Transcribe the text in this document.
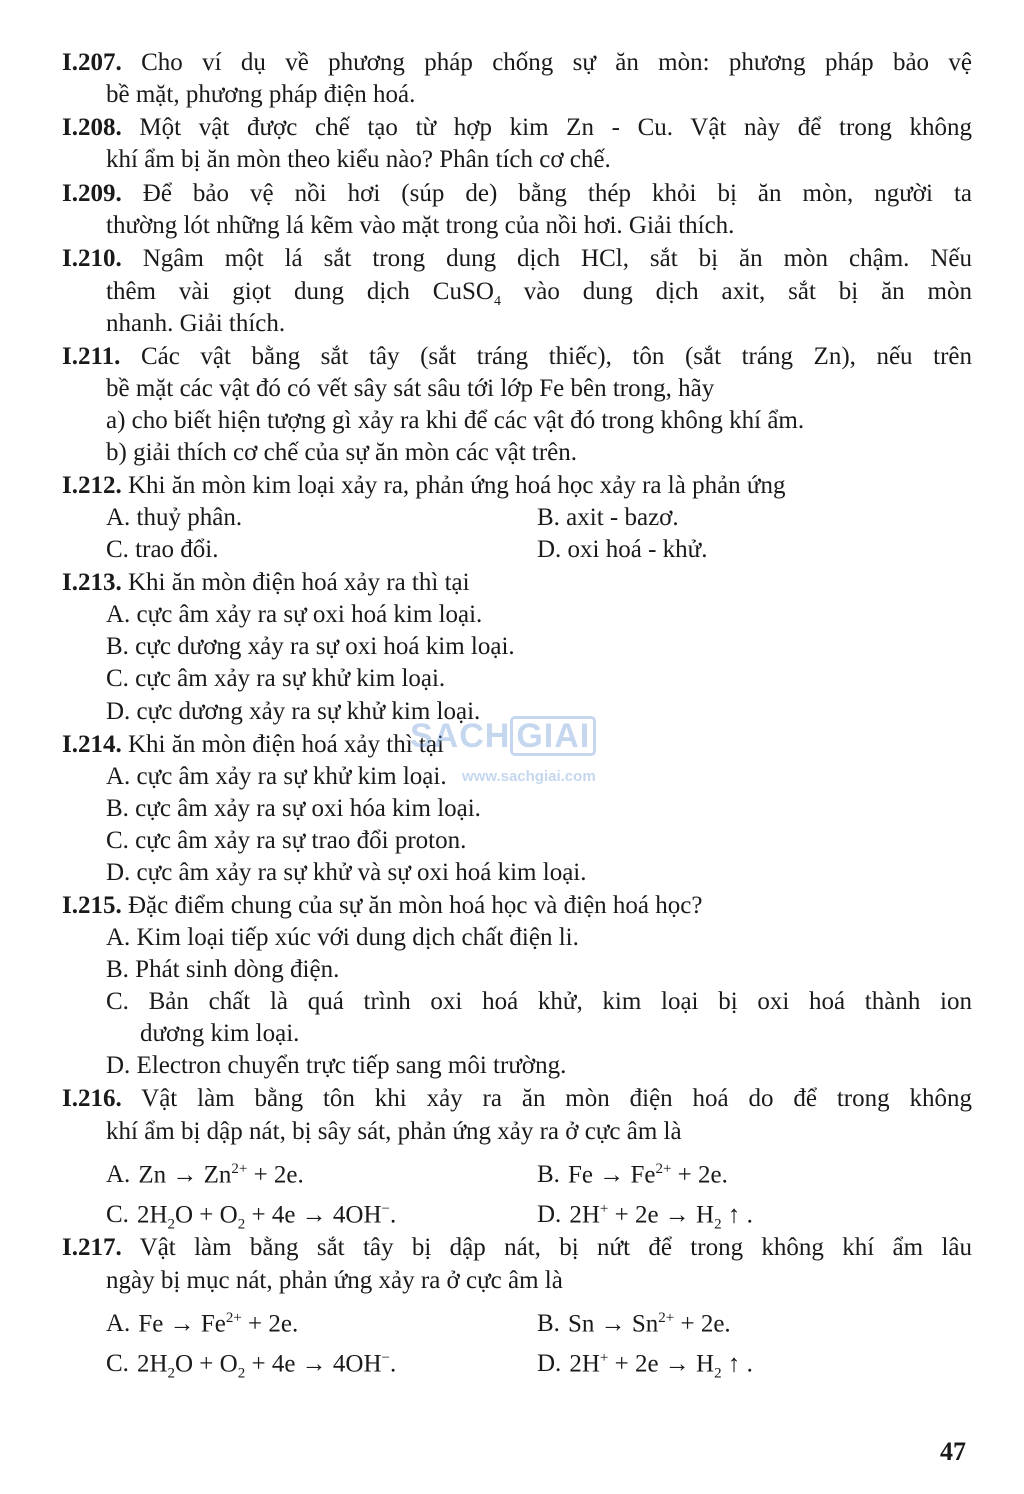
I.207. Cho ví dụ về phương pháp chống sự ăn mòn: phương pháp bảo vệ
bề mặt, phương pháp điện hoá.
I.208. Một vật được chế tạo từ hợp kim Zn - Cu. Vật này để trong không
khí ẩm bị ăn mòn theo kiểu nào? Phân tích cơ chế.
I.209. Để bảo vệ nồi hơi (súp de) bằng thép khỏi bị ăn mòn, người ta
thường lót những lá kẽm vào mặt trong của nồi hơi. Giải thích.
I.210. Ngâm một lá sắt trong dung dịch HCl, sắt bị ăn mòn chậm. Nếu
thêm vài giọt dung dịch CuSO$_4$ vào dung dịch axit, sắt bị ăn mòn
nhanh. Giải thích.
I.211. Các vật bằng sắt tây (sắt tráng thiếc), tôn (sắt tráng Zn), nếu trên
bề mặt các vật đó có vết sây sát sâu tới lớp Fe bên trong, hãy
a) cho biết hiện tượng gì xảy ra khi để các vật đó trong không khí ẩm.
b) giải thích cơ chế của sự ăn mòn các vật trên.
I.212. Khi ăn mòn kim loại xảy ra, phản ứng hoá học xảy ra là phản ứng
A. thuỷ phân.	B. axit - bazơ.
C. trao đổi.	D. oxi hoá - khử.
I.213. Khi ăn mòn điện hoá xảy ra thì tại
A. cực âm xảy ra sự oxi hoá kim loại.
B. cực dương xảy ra sự oxi hoá kim loại.
C. cực âm xảy ra sự khử kim loại.
D. cực dương xảy ra sự khử kim loại.
I.214. Khi ăn mòn điện hoá xảy thì tại
A. cực âm xảy ra sự khử kim loại.
B. cực âm xảy ra sự oxi hóa kim loại.
C. cực âm xảy ra sự trao đổi proton.
D. cực âm xảy ra sự khử và sự oxi hoá kim loại.
I.215. Đặc điểm chung của sự ăn mòn hoá học và điện hoá học?
A. Kim loại tiếp xúc với dung dịch chất điện li.
B. Phát sinh dòng điện.
C. Bản chất là quá trình oxi hoá khử, kim loại bị oxi hoá thành ion
dương kim loại.
D. Electron chuyển trực tiếp sang môi trường.
I.216. Vật làm bằng tôn khi xảy ra ăn mòn điện hoá do để trong không
khí ẩm bị dập nát, bị sây sát, phản ứng xảy ra ở cực âm là
A. $Zn \to Zn^{2+} + 2e$.	B. $Fe \to Fe^{2+} + 2e$.
C. $2H_2O + O_2 + 4e \to 4OH^-$.	D. $2H^+ + 2e \to H_2$ ↑ .
I.217. Vật làm bằng sắt tây bị dập nát, bị nứt để trong không khí ẩm lâu
ngày bị mục nát, phản ứng xảy ra ở cực âm là
A. $Fe \to Fe^{2+} + 2e$.	B. $Sn \to Sn^{2+} + 2e$.
C. $2H_2O + O_2 + 4e \to 4OH^-$.	D. $2H^+ + 2e \to H_2$ ↑ .
SACH GIAI
www.sachgiai.com
47
